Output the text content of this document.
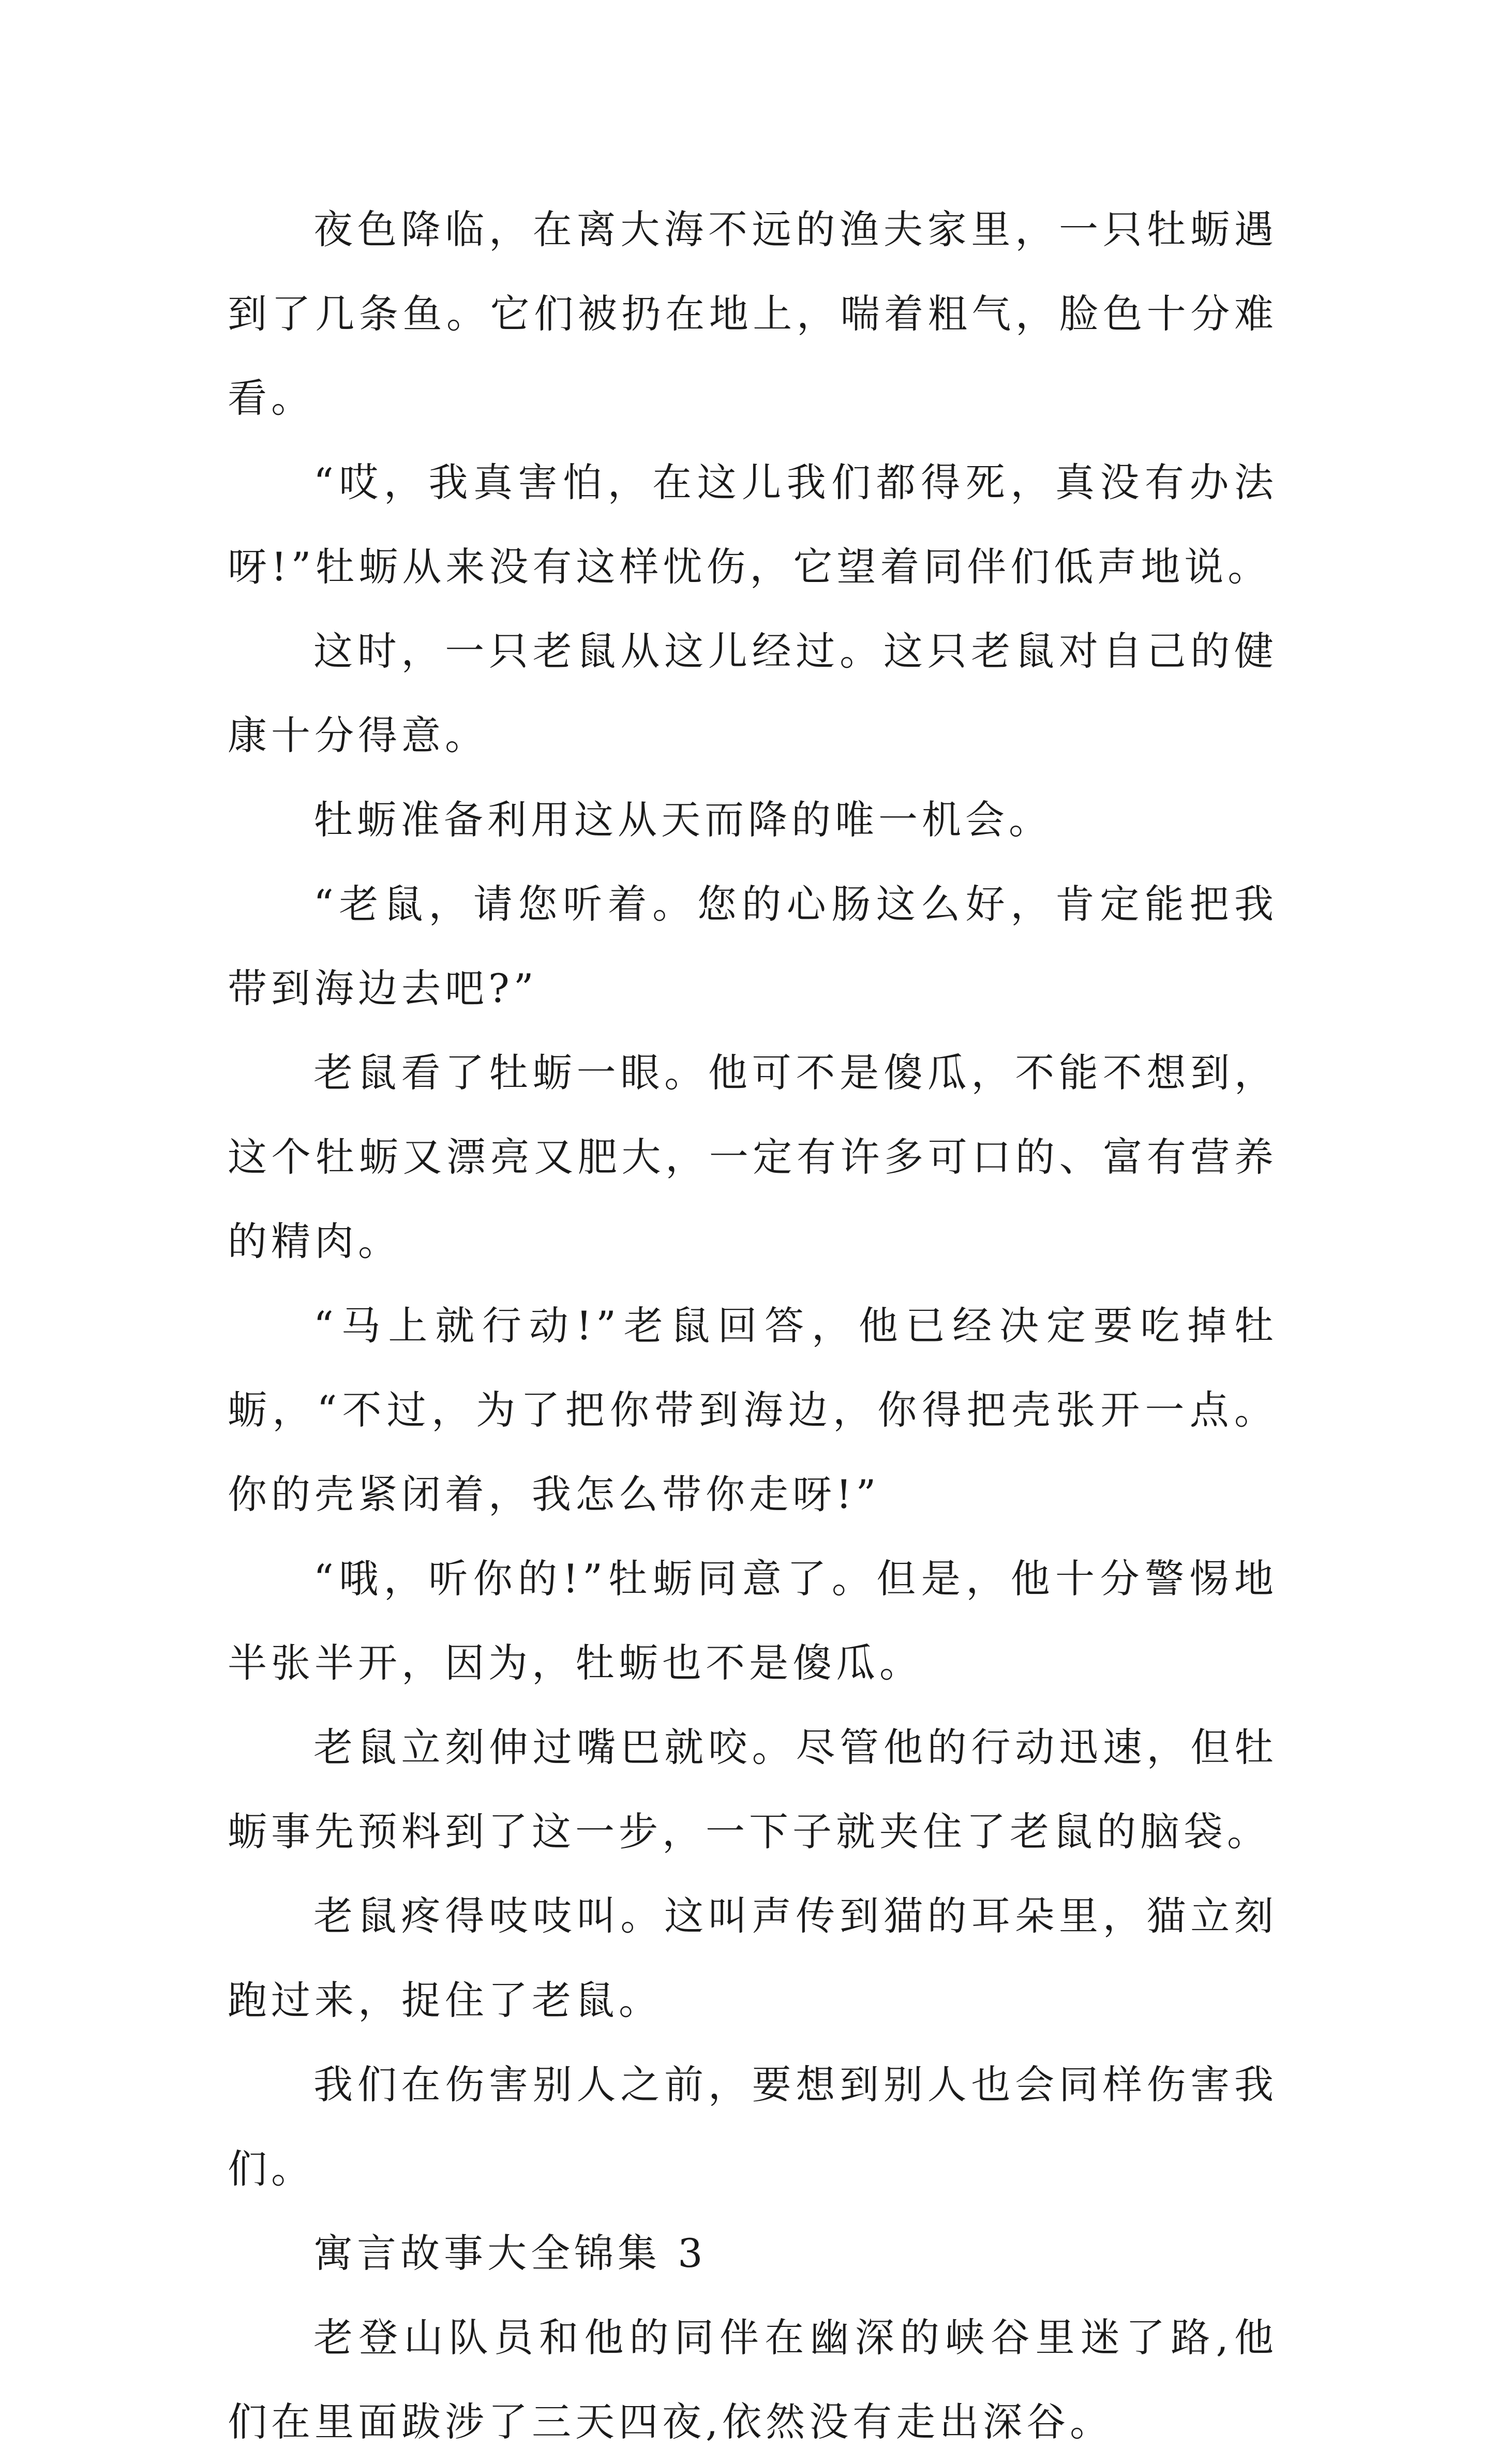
夜色降临，在离大海不远的渔夫家里，一只牡蛎遇到了几条鱼。它们被扔在地上，喘着粗气，脸色十分难看。

“哎，我真害怕，在这儿我们都得死，真没有办法呀!”牡蛎从来没有这样忧伤，它望着同伴们低声地说。

这时，一只老鼠从这儿经过。这只老鼠对自己的健康十分得意。

牡蛎准备利用这从天而降的唯一机会。

“老鼠，请您听着。您的心肠这么好，肯定能把我带到海边去吧?”

老鼠看了牡蛎一眼。他可不是傻瓜，不能不想到，这个牡蛎又漂亮又肥大，一定有许多可口的、富有营养的精肉。

“马上就行动!”老鼠回答，他已经决定要吃掉牡蛎，“不过，为了把你带到海边，你得把壳张开一点。你的壳紧闭着，我怎么带你走呀!”

“哦，听你的!”牡蛎同意了。但是，他十分警惕地半张半开，因为，牡蛎也不是傻瓜。

老鼠立刻伸过嘴巴就咬。尽管他的行动迅速，但牡蛎事先预料到了这一步，一下子就夹住了老鼠的脑袋。

老鼠疼得吱吱叫。这叫声传到猫的耳朵里，猫立刻跑过来，捉住了老鼠。

我们在伤害别人之前，要想到别人也会同样伤害我们。

寓言故事大全锦集 3

老登山队员和他的同伴在幽深的峡谷里迷了路,他们在里面跋涉了三天四夜,依然没有走出深谷。
